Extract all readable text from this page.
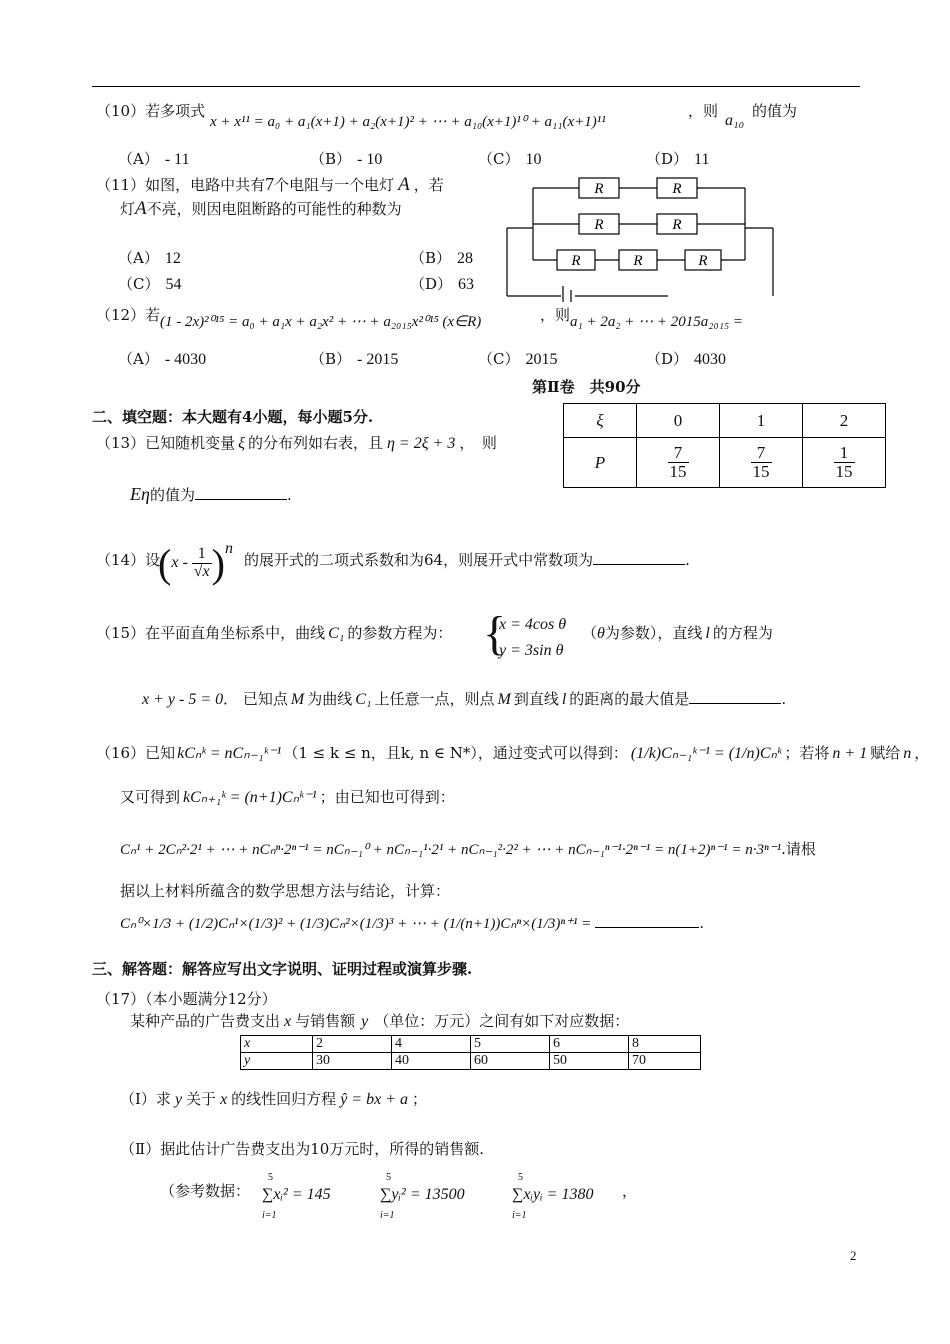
（10）若多项式
x + x¹¹ = a₀ + a₁(x+1) + a₂(x+1)² + ⋯ + a₁₀(x+1)¹⁰ + a₁₁(x+1)¹¹
，则
a₁₀
的值为
（A） - 11	（B） - 10	（C） 10	（D） 11
（11）如图，电路中共有7个电阻与一个电灯 A ，若
灯A不亮，则因电阻断路的可能性的种数为
R	R
R	R
R	R	R
（A） 12	（B） 28
（C） 54	（D） 63
（12）若 (1 - 2x)²⁰¹⁵ = a₀ + a₁x + a₂x² + ⋯ + a₂₀₁₅x²⁰¹⁵ (x∈R)	，则 a₁ + 2a₂ + ⋯ + 2015a₂₀₁₅ =
（A） - 4030	（B） - 2015	（C） 2015	（D） 4030
第Ⅱ卷　共90分
二、填空题：本大题有4小题，每小题5分.
（13）已知随机变量 ξ 的分布列如右表，且 η = 2ξ + 3 ，　则
Eη的值为	.
ξ	0	1	2
P	$\frac{7}{15}$	$\frac{7}{15}$	$\frac{1}{15}$
（14）设
$(x - \frac{1}{√x} )^n$
的展开式的二项式系数和为64，则展开式中常数项为	.
（15）在平面直角坐标系中，曲线 C₁ 的参数方程为： {
x = 4cos θ
y = 3sin θ
（θ为参数），直线 l 的方程为
x + y - 5 = 0． 已知点 M 为曲线 C₁ 上任意一点，则点 M 到直线 l 的距离的最大值是	.
（16）已知 kCₙᵏ = nCₙ₋₁ᵏ⁻¹ （1 ≤ k ≤ n，且k, n ∈ N*），通过变式可以得到： (1/k)Cₙ₋₁ᵏ⁻¹ = (1/n)Cₙᵏ ；若将 n + 1 赋给 n ，
又可得到 kCₙ₊₁ᵏ = (n+1)Cₙᵏ⁻¹ ；由已知也可得到：
Cₙ¹ + 2Cₙ²·2¹ + ⋯ + nCₙⁿ·2ⁿ⁻¹ = nCₙ₋₁⁰ + nCₙ₋₁¹·2¹ + nCₙ₋₁²·2² + ⋯ + nCₙ₋₁ⁿ⁻¹·2ⁿ⁻¹ = n(1+2)ⁿ⁻¹ = n·3ⁿ⁻¹.请根
据以上材料所蕴含的数学思想方法与结论，计算：
Cₙ⁰×1/3 + (1/2)Cₙ¹×(1/3)² + (1/3)Cₙ²×(1/3)³ + ⋯ + (1/(n+1))Cₙⁿ×(1/3)ⁿ⁺¹ =	.
三、解答题：解答应写出文字说明、证明过程或演算步骤.
（17）（本小题满分12分）
某种产品的广告费支出 x 与销售额 y （单位：万元）之间有如下对应数据：
x	2	4	5	6	8
y	30	40	60	50	70
（Ⅰ）求 y 关于 x 的线性回归方程 ŷ = bx + a ；
（Ⅱ）据此估计广告费支出为10万元时，所得的销售额.
（参考数据：
5
∑xᵢ² = 145
i=1
5
∑yᵢ² = 13500
i=1
5
∑xᵢyᵢ = 1380
i=1
，
2
